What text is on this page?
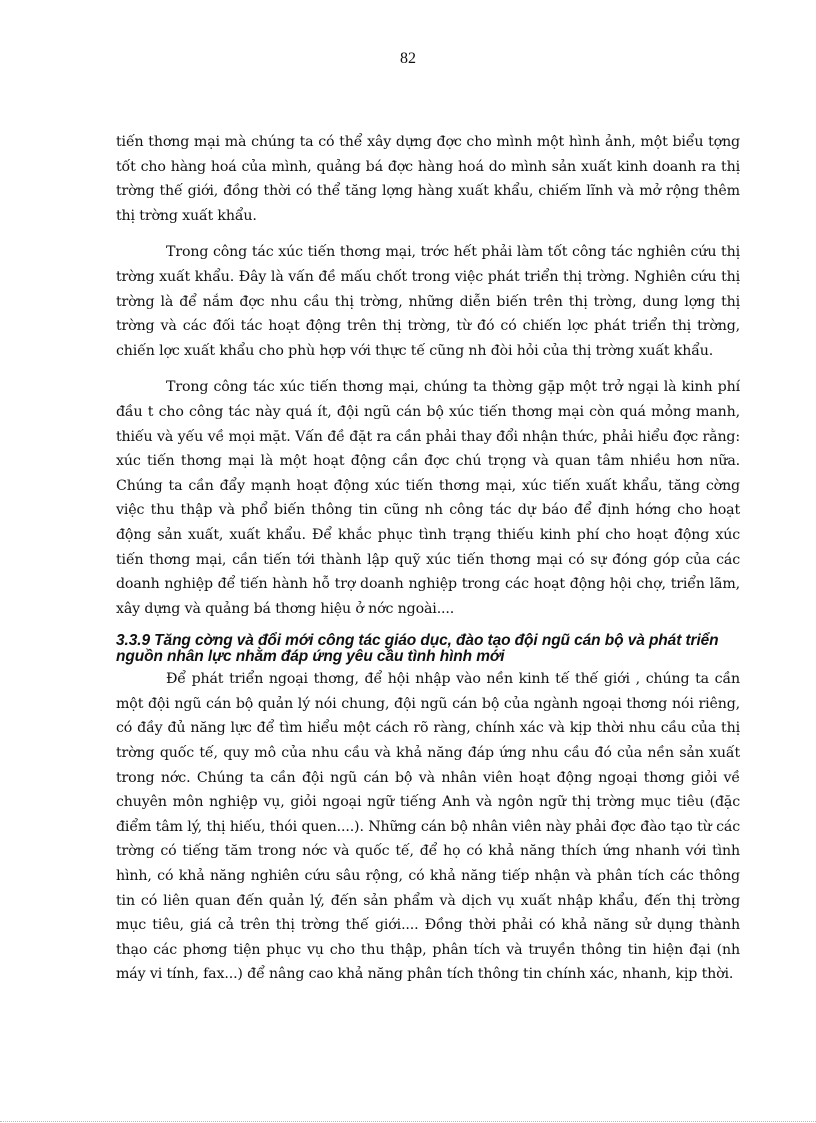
82

tiến thơng mại mà chúng ta có thể xây dựng đợc cho mình một hình ảnh, một biểu tợng tốt cho hàng hoá của mình, quảng bá đợc hàng hoá do mình sản xuất kinh doanh ra thị trờng thế giới, đồng thời có thể tăng lợng hàng xuất khẩu, chiếm lĩnh và mở rộng thêm thị trờng xuất khẩu.

Trong công tác xúc tiến thơng mại, trớc hết phải làm tốt công tác nghiên cứu thị trờng xuất khẩu. Đây là vấn đề mấu chốt trong việc phát triển thị trờng. Nghiên cứu thị trờng là để nắm đợc nhu cầu thị trờng, những diễn biến trên thị trờng, dung lợng thị trờng và các đối tác hoạt động trên thị trờng, từ đó có chiến lợc phát triển thị trờng, chiến lợc xuất khẩu cho phù hợp với thực tế cũng nh đòi hỏi của thị trờng xuất khẩu.

Trong công tác xúc tiến thơng mại, chúng ta thờng gặp một trở ngại là kinh phí đầu t cho công tác này quá ít, đội ngũ cán bộ xúc tiến thơng mại còn quá mỏng manh, thiếu và yếu về mọi mặt. Vấn đề đặt ra cần phải thay đổi nhận thức, phải hiểu đợc rằng: xúc tiến thơng mại là một hoạt động cần đợc chú trọng và quan tâm nhiều hơn nữa. Chúng ta cần đẩy mạnh hoạt động xúc tiến thơng mại, xúc tiến xuất khẩu, tăng cờng việc thu thập và phổ biến thông tin cũng nh công tác dự báo để định hớng cho hoạt động sản xuất, xuất khẩu. Để khắc phục tình trạng thiếu kinh phí cho hoạt động xúc tiến thơng mại, cần tiến tới thành lập quỹ xúc tiến thơng mại có sự đóng góp của các doanh nghiệp để tiến hành hỗ trợ doanh nghiệp trong các hoạt động hội chợ, triển lãm, xây dựng và quảng bá thơng hiệu ở nớc ngoài....

3.3.9 Tăng cờng và đổi mới công tác giáo dục, đào tạo đội ngũ cán bộ và phát triển nguồn nhân lực nhằm đáp ứng yêu cầu tình hình mới

Để phát triển ngoại thơng, để hội nhập vào nền kinh tế thế giới , chúng ta cần một đội ngũ cán bộ quản lý nói chung, đội ngũ cán bộ của ngành ngoại thơng nói riêng, có đầy đủ năng lực để tìm hiểu một cách rõ ràng, chính xác và kịp thời nhu cầu của thị trờng quốc tế, quy mô của nhu cầu và khả năng đáp ứng nhu cầu đó của nền sản xuất trong nớc. Chúng ta cần đội ngũ cán bộ và nhân viên hoạt động ngoại thơng giỏi về chuyên môn nghiệp vụ, giỏi ngoại ngữ tiếng Anh và ngôn ngữ thị trờng mục tiêu (đặc điểm tâm lý, thị hiếu, thói quen....). Những cán bộ nhân viên này phải đợc đào tạo từ các trờng có tiếng tăm trong nớc và quốc tế, để họ có khả năng thích ứng nhanh với tình hình, có khả năng nghiên cứu sâu rộng, có khả năng tiếp nhận và phân tích các thông tin có liên quan đến quản lý, đến sản phẩm và dịch vụ xuất nhập khẩu, đến thị trờng mục tiêu, giá cả trên thị trờng thế giới.... Đồng thời phải có khả năng sử dụng thành thạo các phơng tiện phục vụ cho thu thập, phân tích và truyền thông tin hiện đại (nh máy vi tính, fax...) để nâng cao khả năng phân tích thông tin chính xác, nhanh, kịp thời.
